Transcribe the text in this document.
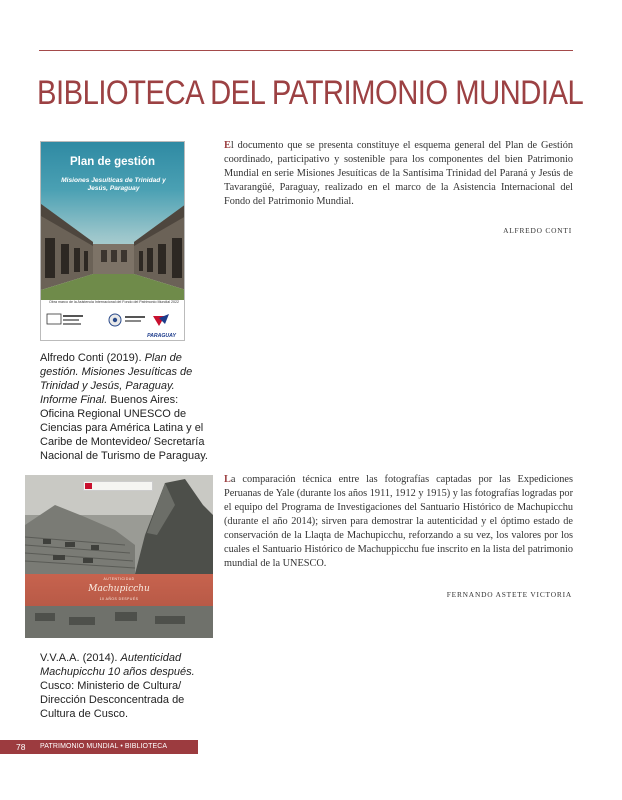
BIBLIOTECA DEL PATRIMONIO MUNDIAL
Plan de gestión
Misiones Jesuíticas de Trinidad y Jesús, Paraguay
Obra marco de la Asistencia Internacional del Fondo del Patrimonio Mundial 2022
PARAGUAY

Alfredo Conti (2019). Plan de gestión. Misiones Jesuíticas de Trinidad y Jesús, Paraguay. Informe Final. Buenos Aires: Oficina Regional UNESCO de Ciencias para América Latina y el Caribe de Montevideo/ Secretaría Nacional de Turismo de Paraguay.

El documento que se presenta constituye el esquema general del Plan de Gestión coordinado, participativo y sostenible para los componentes del bien Patrimonio Mundial en serie Misiones Jesuíticas de la Santísima Trinidad del Paraná y Jesús de Tavarangüé, Paraguay, realizado en el marco de la Asistencia Internacional del Fondo del Patrimonio Mundial.

ALFREDO CONTI
AUTENTICIDAD
Machupicchu
10 AÑOS DESPUÉS

V.V.A.A. (2014). Autenticidad Machupicchu 10 años después. Cusco: Ministerio de Cultura/ Dirección Desconcentrada de Cultura de Cusco.

La comparación técnica entre las fotografías captadas por las Expediciones Peruanas de Yale (durante los años 1911, 1912 y 1915) y las fotografías logradas por el equipo del Programa de Investigaciones del Santuario Histórico de Machupicchu (durante el año 2014); sirven para demostrar la autenticidad y el óptimo estado de conservación de la Llaqta de Machupicchu, reforzando a su vez, los valores por los cuales el Santuario Histórico de Machuppicchu fue inscrito en la lista del patrimonio mundial de la UNESCO.

FERNANDO ASTETE VICTORIA
78 PATRIMONIO MUNDIAL • BIBLIOTECA
